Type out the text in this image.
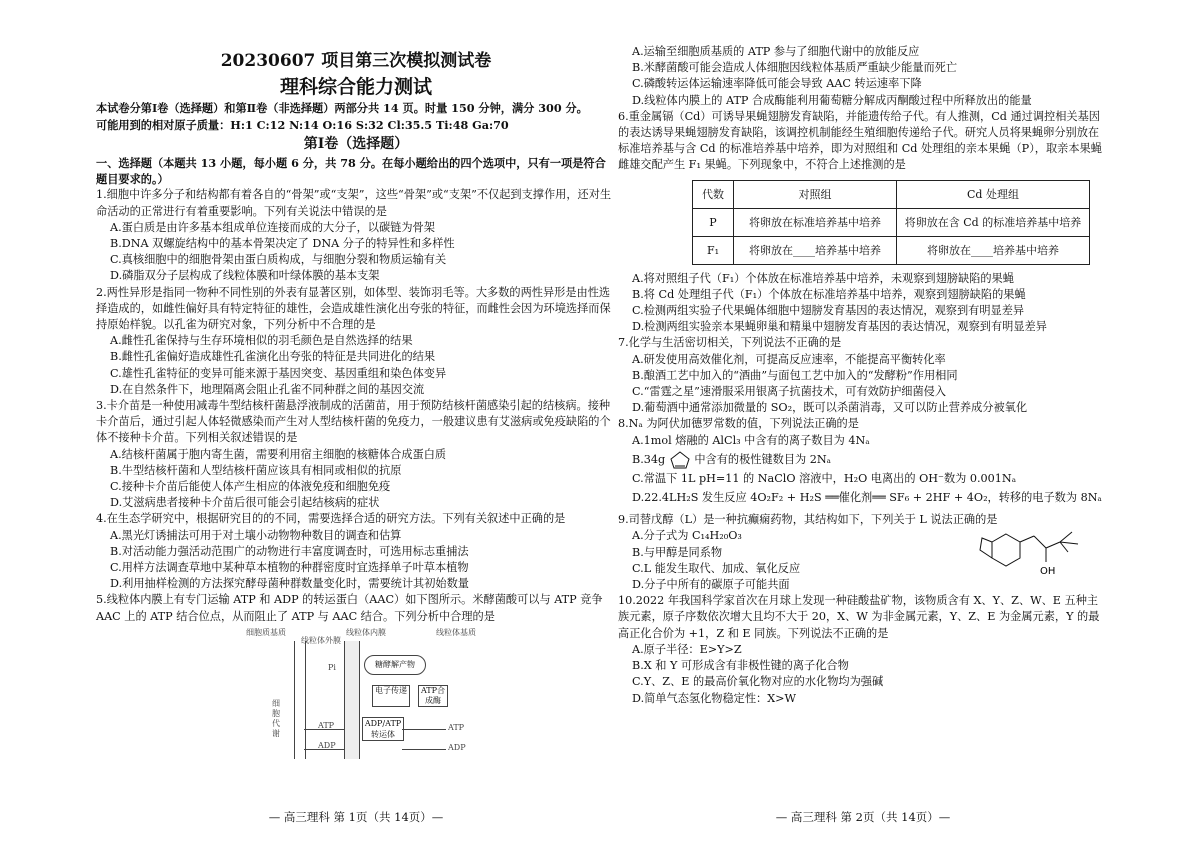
20230607 项目第三次模拟测试卷
理科综合能力测试

本试卷分第Ⅰ卷（选择题）和第Ⅱ卷（非选择题）两部分共 14 页。时量 150 分钟，满分 300 分。

可能用到的相对原子质量：H:1 C:12 N:14 O:16 S:32 Cl:35.5 Ti:48 Ga:70

第Ⅰ卷（选择题）

一、选择题（本题共 13 小题，每小题 6 分，共 78 分。在每小题给出的四个选项中，只有一项是符合题目要求的。）

1.细胞中许多分子和结构都有着各自的“骨架”或“支架”，这些“骨架”或“支架”不仅起到支撑作用，还对生命活动的正常进行有着重要影响。下列有关说法中错误的是

A.蛋白质是由许多基本组成单位连接而成的大分子，以碳链为骨架

B.DNA 双螺旋结构中的基本骨架决定了 DNA 分子的特异性和多样性

C.真核细胞中的细胞骨架由蛋白质构成，与细胞分裂和物质运输有关

D.磷脂双分子层构成了线粒体膜和叶绿体膜的基本支架

2.两性异形是指同一物种不同性别的外表有显著区别，如体型、装饰羽毛等。大多数的两性异形是由性选择造成的，如雌性偏好具有特定特征的雄性，会造成雄性演化出夸张的特征，而雌性会因为环境选择而保持原始样貌。以孔雀为研究对象，下列分析中不合理的是

A.雌性孔雀保持与生存环境相似的羽毛颜色是自然选择的结果

B.雌性孔雀偏好造成雄性孔雀演化出夸张的特征是共同进化的结果

C.雄性孔雀特征的变异可能来源于基因突变、基因重组和染色体变异

D.在自然条件下，地理隔离会阻止孔雀不同种群之间的基因交流

3.卡介苗是一种使用减毒牛型结核杆菌悬浮液制成的活菌苗，用于预防结核杆菌感染引起的结核病。接种卡介苗后，通过引起人体轻微感染而产生对人型结核杆菌的免疫力，一般建议患有艾滋病或免疫缺陷的个体不接种卡介苗。下列相关叙述错误的是

A.结核杆菌属于胞内寄生菌，需要利用宿主细胞的核糖体合成蛋白质

B.牛型结核杆菌和人型结核杆菌应该具有相同或相似的抗原

C.接种卡介苗后能使人体产生相应的体液免疫和细胞免疫

D.艾滋病患者接种卡介苗后很可能会引起结核病的症状

4.在生态学研究中，根据研究目的的不同，需要选择合适的研究方法。下列有关叙述中正确的是

A.黑光灯诱捕法可用于对土壤小动物物种数目的调查和估算

B.对活动能力强活动范围广的动物进行丰富度调查时，可选用标志重捕法

C.用样方法调查草地中某种草本植物的种群密度时宜选择单子叶草本植物

D.利用抽样检测的方法探究酵母菌种群数量变化时，需要统计其初始数量

5.线粒体内膜上有专门运输 ATP 和 ADP 的转运蛋白（AAC）如下图所示。米酵菌酸可以与 ATP 竞争 AAC 上的 ATP 结合位点，从而阻止了 ATP 与 AAC 结合。下列分析中合理的是

细胞质基质
线粒体外膜
线粒体内膜	线粒体基质
细胞代谢
Pi	糖酵解产物
电子传递	ATP合成酶
ADP/ATP转运体
ATP
ADP
ATP
ADP
— 高三理科 第 1页（共 14页）—

A.运输至细胞质基质的 ATP 参与了细胞代谢中的放能反应

B.米酵菌酸可能会造成人体细胞因线粒体基质严重缺少能量而死亡

C.磷酸转运体运输速率降低可能会导致 AAC 转运速率下降

D.线粒体内膜上的 ATP 合成酶能利用葡萄糖分解成丙酮酸过程中所释放出的能量

6.重金属镉（Cd）可诱导果蝇翅膀发育缺陷，并能遗传给子代。有人推测，Cd 通过调控相关基因的表达诱导果蝇翅膀发育缺陷，该调控机制能经生殖细胞传递给子代。研究人员将果蝇卵分别放在标准培养基与含 Cd 的标准培养基中培养，即为对照组和 Cd 处理组的亲本果蝇（P），取亲本果蝇雌雄交配产生 F₁ 果蝇。下列现象中，不符合上述推测的是

代数	对照组	Cd 处理组
P	将卵放在标准培养基中培养	将卵放在含 Cd 的标准培养基中培养
F₁	将卵放在____培养基中培养	将卵放在____培养基中培养

A.将对照组子代（F₁）个体放在标准培养基中培养，未观察到翅膀缺陷的果蝇

B.将 Cd 处理组子代（F₁）个体放在标准培养基中培养，观察到翅膀缺陷的果蝇

C.检测两组实验子代果蝇体细胞中翅膀发育基因的表达情况，观察到有明显差异

D.检测两组实验亲本果蝇卵巢和精巢中翅膀发育基因的表达情况，观察到有明显差异

7.化学与生活密切相关，下列说法不正确的是

A.研发使用高效催化剂，可提高反应速率，不能提高平衡转化率

B.酿酒工艺中加入的“酒曲”与面包工艺中加入的“发酵粉”作用相同

C.“雷霆之星”速滑服采用银离子抗菌技术，可有效防护细菌侵入

D.葡萄酒中通常添加微量的 SO₂，既可以杀菌消毒，又可以防止营养成分被氧化

8.Nₐ 为阿伏加德罗常数的值，下列说法正确的是

A.1mol 熔融的 AlCl₃ 中含有的离子数目为 4Nₐ

B.34g	中含有的极性键数目为 2Nₐ

C.常温下 1L pH=11 的 NaClO 溶液中，H₂O 电离出的 OH⁻数为 0.001Nₐ

D.22.4LH₂S 发生反应 4O₂F₂ + H₂S ══催化剂══ SF₆ + 2HF + 4O₂，转移的电子数为 8Nₐ

9.司替戊醇（L）是一种抗癫痫药物，其结构如下，下列关于 L 说法正确的是

A.分子式为 C₁₄H₂₀O₃

B.与甲醇是同系物

C.L 能发生取代、加成、氧化反应

D.分子中所有的碳原子可能共面

OH

10.2022 年我国科学家首次在月球上发现一种硅酸盐矿物，该物质含有 X、Y、Z、W、E 五种主族元素，原子序数依次增大且均不大于 20，X、W 为非金属元素，Y、Z、E 为金属元素，Y 的最高正化合价为 +1，Z 和 E 同族。下列说法不正确的是

A.原子半径：E>Y>Z

B.X 和 Y 可形成含有非极性键的离子化合物

C.Y、Z、E 的最高价氧化物对应的水化物均为强碱

D.简单气态氢化物稳定性：X>W

— 高三理科 第 2页（共 14页）—
